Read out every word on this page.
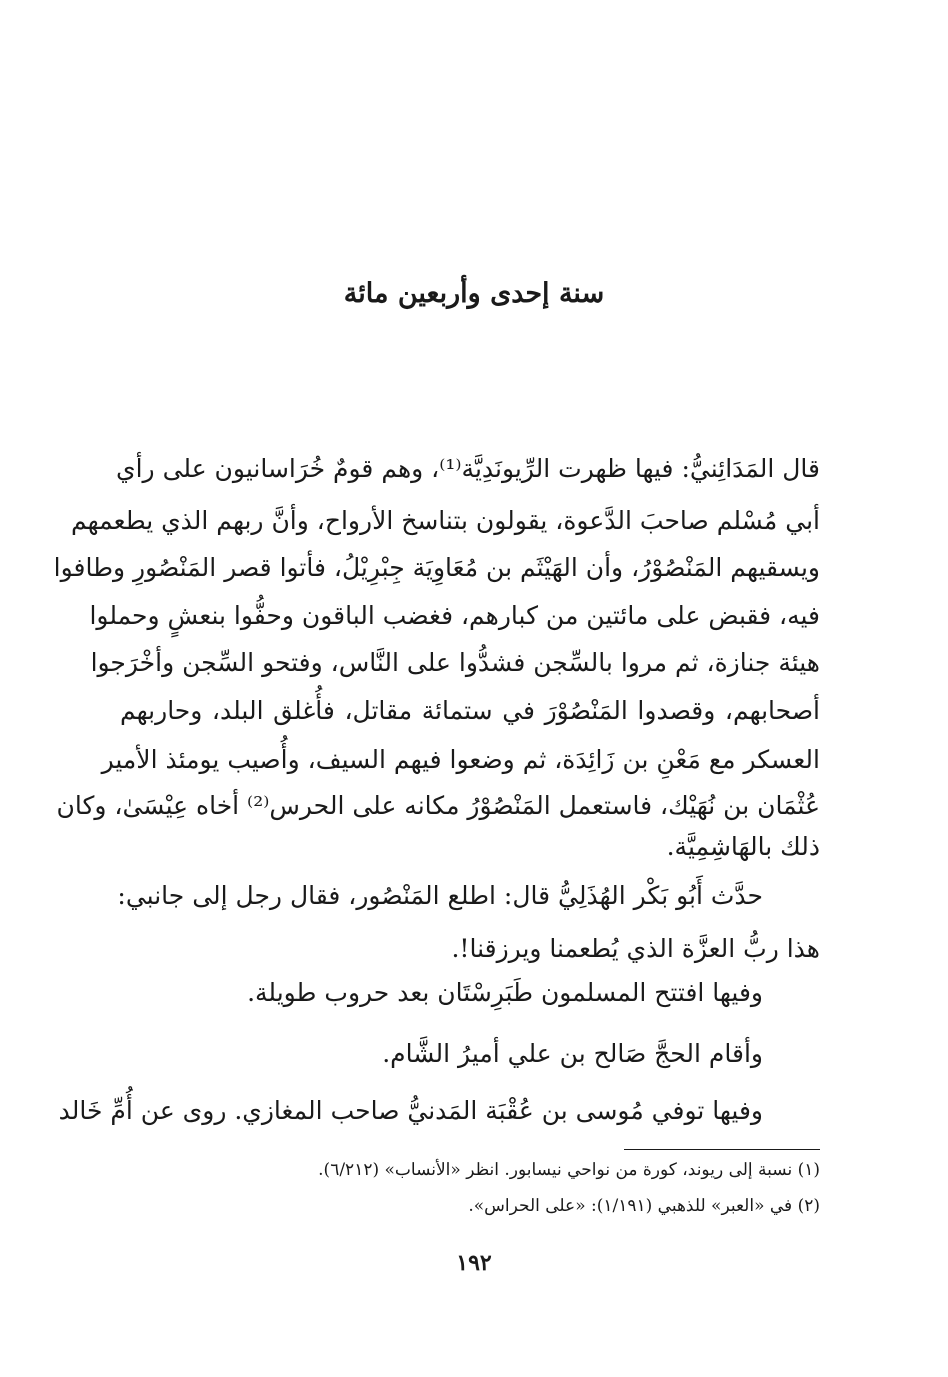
سنة إحدى وأربعين مائة
قال المَدَائِنيُّ: فيها ظهرت الرِّيونَدِيَّة⁽¹⁾، وهم قومٌ خُرَاسانيون على رأي
أبي مُسْلم صاحبَ الدَّعوة، يقولون بتناسخ الأرواح، وأنَّ ربهم الذي يطعمهم
ويسقيهم المَنْصُوْرُ، وأن الهَيْثَم بن مُعَاوِيَة جِبْرِيْلُ، فأتوا قصر المَنْصُورِ وطافوا
فيه، فقبض على مائتين من كبارهم، فغضب الباقون وحفُّوا بنعشٍ وحملوا
هيئة جنازة، ثم مروا بالسِّجن فشدُّوا على النَّاس، وفتحو السِّجن وأخْرَجوا
أصحابهم، وقصدوا المَنْصُوْرَ في ستمائة مقاتل، فأُغلق البلد، وحاربهم
العسكر مع مَعْنِ بن زَائِدَة، ثم وضعوا فيهم السيف، وأُصيب يومئذ الأمير
عُثْمَان بن نُهَيْك، فاستعمل المَنْصُوْرُ مكانه على الحرس⁽²⁾ أخاه عِيْسَىٰ، وكان
ذلك بالهَاشِمِيَّة.
حدَّث أَبُو بَكْر الهُذَلِيُّ قال: اطلع المَنْصُور، فقال رجل إلى جانبي:
هذا ربُّ العزَّة الذي يُطعمنا ويرزقنا!.
وفيها افتتح المسلمون طَبَرِسْتَان بعد حروب طويلة.
وأقام الحجَّ صَالح بن علي أميرُ الشَّام.
وفيها توفي مُوسى بن عُقْبَة المَدنيُّ صاحب المغازي. روى عن أُمِّ خَالد
(١) نسبة إلى ريوند، كورة من نواحي نيسابور. انظر «الأنساب» (٦/٢١٢).
(٢) في «العبر» للذهبي (١/١٩١): «على الحراس».
١٩٢
